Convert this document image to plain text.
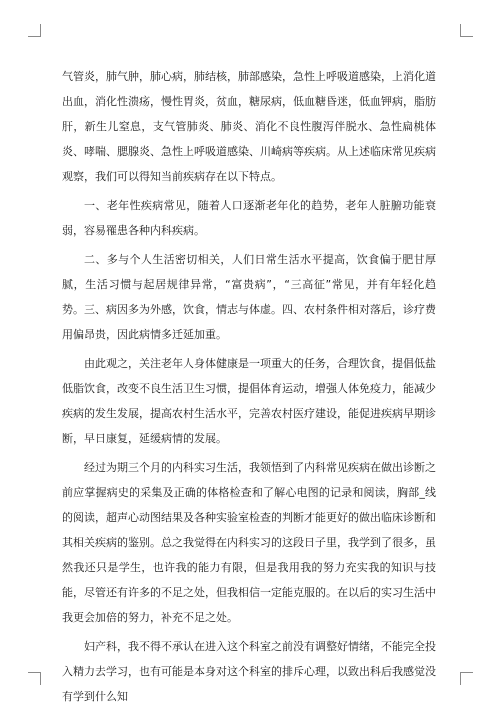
气管炎，肺气肿，肺心病，肺结核，肺部感染，急性上呼吸道感染，上消化道出血，消化性溃疡，慢性胃炎，贫血，糖尿病，低血糖昏迷，低血钾病，脂肪肝，新生儿窒息，支气管肺炎、肺炎、消化不良性腹泻伴脱水、急性扁桃体炎、哮喘、腮腺炎、急性上呼吸道感染、川崎病等疾病。从上述临床常见疾病观察，我们可以得知当前疾病存在以下特点。

一、老年性疾病常见，随着人口逐渐老年化的趋势，老年人脏腑功能衰弱，容易罹患各种内科疾病。

二、多与个人生活密切相关，人们日常生活水平提高，饮食偏于肥甘厚腻，生活习惯与起居规律异常，“富贵病”，“三高征”常见，并有年轻化趋势。三、病因多为外感，饮食，情志与体虚。四、农村条件相对落后，诊疗费用偏昂贵，因此病情多迁延加重。

由此观之，关注老年人身体健康是一项重大的任务，合理饮食，提倡低盐低脂饮食，改变不良生活卫生习惯，提倡体育运动，增强人体免疫力，能减少疾病的发生发展，提高农村生活水平，完善农村医疗建设，能促进疾病早期诊断，早日康复，延缓病情的发展。

经过为期三个月的内科实习生活，我领悟到了内科常见疾病在做出诊断之前应掌握病史的采集及正确的体格检查和了解心电图的记录和阅读，胸部_线的阅读，超声心动图结果及各种实验室检查的判断才能更好的做出临床诊断和其相关疾病的鉴别。总之我觉得在内科实习的这段日子里，我学到了很多，虽然我还只是学生，也许我的能力有限，但是我用我的努力充实我的知识与技能，尽管还有许多的不足之处，但我相信一定能克服的。在以后的实习生活中我更会加倍的努力，补充不足之处。

妇产科，我不得不承认在进入这个科室之前没有调整好情绪，不能完全投入精力去学习，也有可能是本身对这个科室的排斥心理，以致出科后我感觉没有学到什么知
